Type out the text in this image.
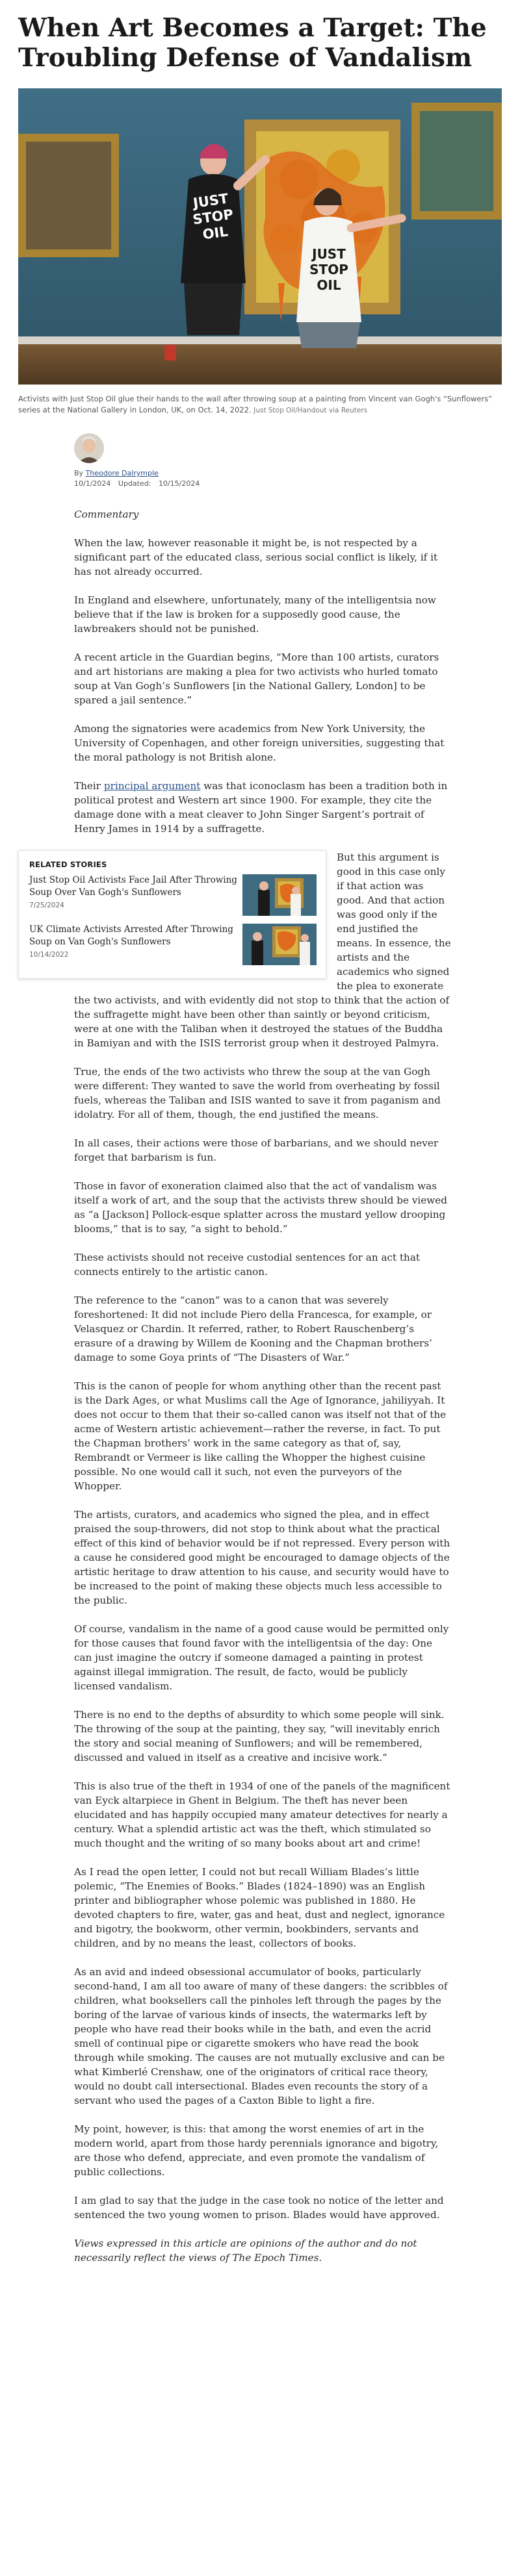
When Art Becomes a Target: The Troubling Defense of Vandalism
JUST
STOP
OIL
JUST
STOP
OIL

Activists with Just Stop Oil glue their hands to the wall after throwing soup at a painting from Vincent van Gogh's “Sunflowers” series at the National Gallery in London, UK, on Oct. 14, 2022. Just Stop Oil/Handout via Reuters

By Theodore Dalrymple
10/1/2024 Updated: 10/15/2024

Commentary

When the law, however reasonable it might be, is not respected by a significant part of the educated class, serious social conflict is likely, if it has not already occurred.

In England and elsewhere, unfortunately, many of the intelligentsia now believe that if the law is broken for a supposedly good cause, the lawbreakers should not be punished.

A recent article in the Guardian begins, “More than 100 artists, curators and art historians are making a plea for two activists who hurled tomato soup at Van Gogh’s Sunflowers [in the National Gallery, London] to be spared a jail sentence.”

Among the signatories were academics from New York University, the University of Copenhagen, and other foreign universities, suggesting that the moral pathology is not British alone.

Their principal argument was that iconoclasm has been a tradition both in political protest and Western art since 1900. For example, they cite the damage done with a meat cleaver to John Singer Sargent’s portrait of Henry James in 1914 by a suffragette.

RELATED STORIES
Just Stop Oil Activists Face Jail After Throwing Soup Over Van Gogh's Sunflowers
7/25/2024
UK Climate Activists Arrested After Throwing Soup on Van Gogh's Sunflowers
10/14/2022

But this argument is good in this case only if that action was good. And that action was good only if the end justified the means. In essence, the artists and the academics who signed the plea to exonerate the two activists, and with evidently did not stop to think that the action of the suffragette might have been other than saintly or beyond criticism, were at one with the Taliban when it destroyed the statues of the Buddha in Bamiyan and with the ISIS terrorist group when it destroyed Palmyra.

True, the ends of the two activists who threw the soup at the van Gogh were different: They wanted to save the world from overheating by fossil fuels, whereas the Taliban and ISIS wanted to save it from paganism and idolatry. For all of them, though, the end justified the means.

In all cases, their actions were those of barbarians, and we should never forget that barbarism is fun.

Those in favor of exoneration claimed also that the act of vandalism was itself a work of art, and the soup that the activists threw should be viewed as “a [Jackson] Pollock-esque splatter across the mustard yellow drooping blooms,” that is to say, “a sight to behold.”

These activists should not receive custodial sentences for an act that connects entirely to the artistic canon.

The reference to the “canon” was to a canon that was severely foreshortened: It did not include Piero della Francesca, for example, or Velasquez or Chardin. It referred, rather, to Robert Rauschenberg’s erasure of a drawing by Willem de Kooning and the Chapman brothers’ damage to some Goya prints of “The Disasters of War.”

This is the canon of people for whom anything other than the recent past is the Dark Ages, or what Muslims call the Age of Ignorance, jahiliyyah. It does not occur to them that their so-called canon was itself not that of the acme of Western artistic achievement—rather the reverse, in fact. To put the Chapman brothers’ work in the same category as that of, say, Rembrandt or Vermeer is like calling the Whopper the highest cuisine possible. No one would call it such, not even the purveyors of the Whopper.

The artists, curators, and academics who signed the plea, and in effect praised the soup-throwers, did not stop to think about what the practical effect of this kind of behavior would be if not repressed. Every person with a cause he considered good might be encouraged to damage objects of the artistic heritage to draw attention to his cause, and security would have to be increased to the point of making these objects much less accessible to the public.

Of course, vandalism in the name of a good cause would be permitted only for those causes that found favor with the intelligentsia of the day: One can just imagine the outcry if someone damaged a painting in protest against illegal immigration. The result, de facto, would be publicly licensed vandalism.

There is no end to the depths of absurdity to which some people will sink. The throwing of the soup at the painting, they say, “will inevitably enrich the story and social meaning of Sunflowers; and will be remembered, discussed and valued in itself as a creative and incisive work.”

This is also true of the theft in 1934 of one of the panels of the magnificent van Eyck altarpiece in Ghent in Belgium. The theft has never been elucidated and has happily occupied many amateur detectives for nearly a century. What a splendid artistic act was the theft, which stimulated so much thought and the writing of so many books about art and crime!

As I read the open letter, I could not but recall William Blades’s little polemic, “The Enemies of Books.” Blades (1824–1890) was an English printer and bibliographer whose polemic was published in 1880. He devoted chapters to fire, water, gas and heat, dust and neglect, ignorance and bigotry, the bookworm, other vermin, bookbinders, servants and children, and by no means the least, collectors of books.

As an avid and indeed obsessional accumulator of books, particularly second-hand, I am all too aware of many of these dangers: the scribbles of children, what booksellers call the pinholes left through the pages by the boring of the larvae of various kinds of insects, the watermarks left by people who have read their books while in the bath, and even the acrid smell of continual pipe or cigarette smokers who have read the book through while smoking. The causes are not mutually exclusive and can be what Kimberlé Crenshaw, one of the originators of critical race theory, would no doubt call intersectional. Blades even recounts the story of a servant who used the pages of a Caxton Bible to light a fire.

My point, however, is this: that among the worst enemies of art in the modern world, apart from those hardy perennials ignorance and bigotry, are those who defend, appreciate, and even promote the vandalism of public collections.

I am glad to say that the judge in the case took no notice of the letter and sentenced the two young women to prison. Blades would have approved.

Views expressed in this article are opinions of the author and do not necessarily reflect the views of The Epoch Times.
